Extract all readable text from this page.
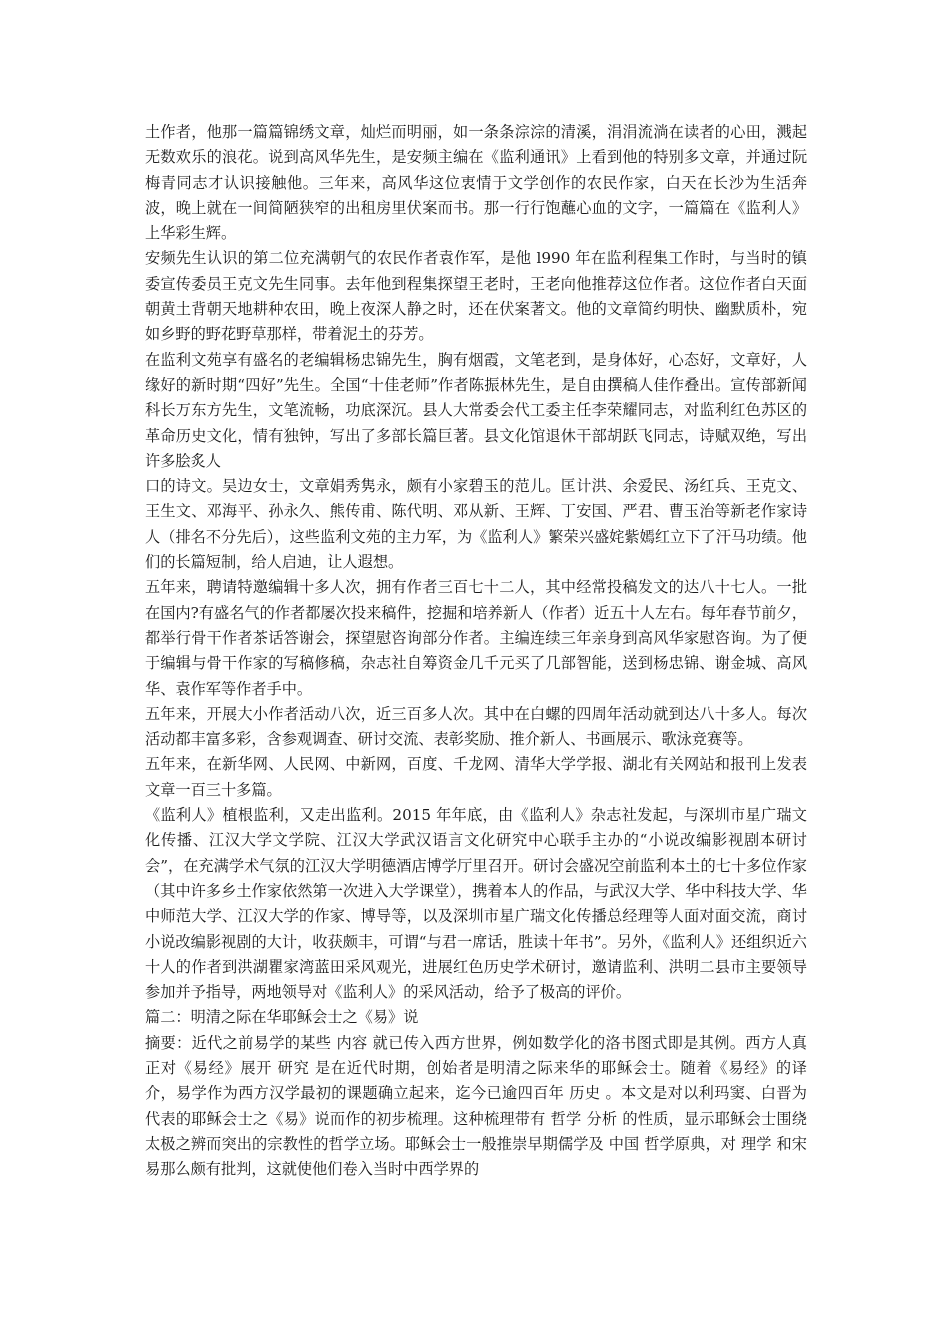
土作者，他那一篇篇锦绣文章，灿烂而明丽，如一条条淙淙的清溪，涓涓流淌在读者的心田，溅起无数欢乐的浪花。说到高风华先生，是安频主编在《监利通讯》上看到他的特别多文章，并通过阮梅青同志才认识接触他。三年来，高风华这位衷情于文学创作的农民作家，白天在长沙为生活奔波，晚上就在一间简陋狭窄的出租房里伏案而书。那一行行饱蘸心血的文字，一篇篇在《监利人》上华彩生辉。

安频先生认识的第二位充满朝气的农民作者袁作军，是他 l990 年在监利程集工作时，与当时的镇委宣传委员王克文先生同事。去年他到程集探望王老时，王老向他推荐这位作者。这位作者白天面朝黄土背朝天地耕种农田，晚上夜深人静之时，还在伏案著文。他的文章简约明快、幽默质朴，宛如乡野的野花野草那样，带着泥土的芬芳。

在监利文苑享有盛名的老编辑杨忠锦先生，胸有烟霞，文笔老到，是身体好，心态好，文章好，人缘好的新时期“四好”先生。全国“十佳老师”作者陈振林先生，是自由撰稿人佳作叠出。宣传部新闻科长万东方先生，文笔流畅，功底深沉。县人大常委会代工委主任李荣耀同志，对监利红色苏区的革命历史文化，情有独钟，写出了多部长篇巨著。县文化馆退休干部胡跃飞同志，诗赋双绝，写出许多脍炙人

口的诗文。吴边女士，文章娟秀隽永，颇有小家碧玉的范儿。匡计洪、余爱民、汤红兵、王克文、王生文、邓海平、孙永久、熊传甫、陈代明、邓从新、王辉、丁安国、严君、曹玉治等新老作家诗人（排名不分先后），这些监利文苑的主力军，为《监利人》繁荣兴盛姹紫嫣红立下了汗马功绩。他们的长篇短制，给人启迪，让人遐想。

五年来，聘请特邀编辑十多人次，拥有作者三百七十二人，其中经常投稿发文的达八十七人。一批在国内?有盛名气的作者都屡次投来稿件，挖掘和培养新人（作者）近五十人左右。每年春节前夕，都举行骨干作者茶话答谢会，探望慰咨询部分作者。主编连续三年亲身到高风华家慰咨询。为了便于编辑与骨干作家的写稿修稿，杂志社自筹资金几千元买了几部智能，送到杨忠锦、谢金城、高风华、袁作军等作者手中。

五年来，开展大小作者活动八次，近三百多人次。其中在白螺的四周年活动就到达八十多人。每次活动都丰富多彩，含参观调查、研讨交流、表彰奖励、推介新人、书画展示、歌泳竞赛等。

五年来，在新华网、人民网、中新网，百度、千龙网、清华大学学报、湖北有关网站和报刊上发表文章一百三十多篇。

《监利人》植根监利，又走出监利。2015 年年底，由《监利人》杂志社发起，与深圳市星广瑞文化传播、江汉大学文学院、江汉大学武汉语言文化研究中心联手主办的“小说改编影视剧本研讨会”，在充满学术气氛的江汉大学明德酒店博学厅里召开。研讨会盛况空前监利本土的七十多位作家（其中许多乡土作家依然第一次进入大学课堂），携着本人的作品，与武汉大学、华中科技大学、华中师范大学、江汉大学的作家、博导等，以及深圳市星广瑞文化传播总经理等人面对面交流，商讨小说改编影视剧的大计，收获颇丰，可谓“与君一席话，胜读十年书”。另外，《监利人》还组织近六十人的作者到洪湖瞿家湾蓝田采风观光，进展红色历史学术研讨，邀请监利、洪明二县市主要领导参加并予指导，两地领导对《监利人》的采风活动，给予了极高的评价。

篇二：明清之际在华耶稣会士之《易》说

摘要：近代之前易学的某些 内容 就已传入西方世界，例如数学化的洛书图式即是其例。西方人真正对《易经》展开 研究 是在近代时期，创始者是明清之际来华的耶稣会士。随着《易经》的译介，易学作为西方汉学最初的课题确立起来，迄今已逾四百年 历史 。本文是对以利玛窦、白晋为代表的耶稣会士之《易》说而作的初步梳理。这种梳理带有 哲学 分析 的性质，显示耶稣会士围绕太极之辨而突出的宗教性的哲学立场。耶稣会士一般推崇早期儒学及 中国 哲学原典，对 理学 和宋易那么颇有批判，这就使他们卷入当时中西学界的
